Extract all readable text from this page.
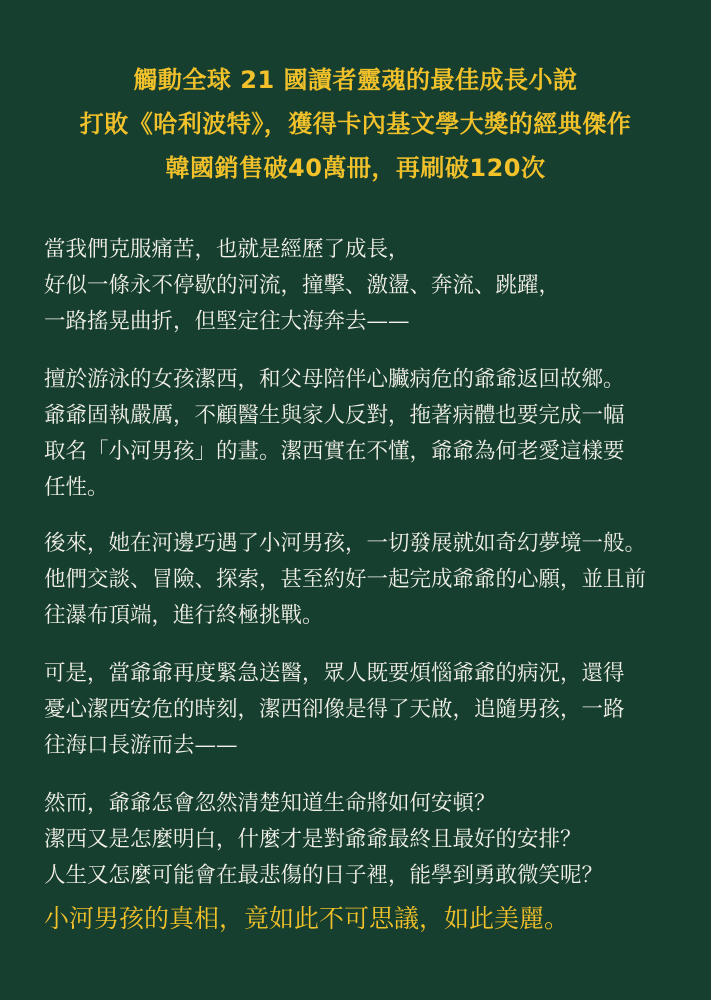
觸動全球 21 國讀者靈魂的最佳成長小說
打敗《哈利波特》，獲得卡內基文學大獎的經典傑作
韓國銷售破40萬冊，再刷破120次
當我們克服痛苦，也就是經歷了成長，
好似一條永不停歇的河流，撞擊、激盪、奔流、跳躍，
一路搖晃曲折，但堅定往大海奔去——
擅於游泳的女孩潔西，和父母陪伴心臟病危的爺爺返回故鄉。
爺爺固執嚴厲，不顧醫生與家人反對，拖著病體也要完成一幅
取名「小河男孩」的畫。潔西實在不懂，爺爺為何老愛這樣要
任性。
後來，她在河邊巧遇了小河男孩，一切發展就如奇幻夢境一般。
他們交談、冒險、探索，甚至約好一起完成爺爺的心願，並且前
往瀑布頂端，進行終極挑戰。
可是，當爺爺再度緊急送醫，眾人既要煩惱爺爺的病況，還得
憂心潔西安危的時刻，潔西卻像是得了天啟，追隨男孩，一路
往海口長游而去——
然而，爺爺怎會忽然清楚知道生命將如何安頓？
潔西又是怎麼明白，什麼才是對爺爺最終且最好的安排？
人生又怎麼可能會在最悲傷的日子裡，能學到勇敢微笑呢？
小河男孩的真相，竟如此不可思議，如此美麗。
